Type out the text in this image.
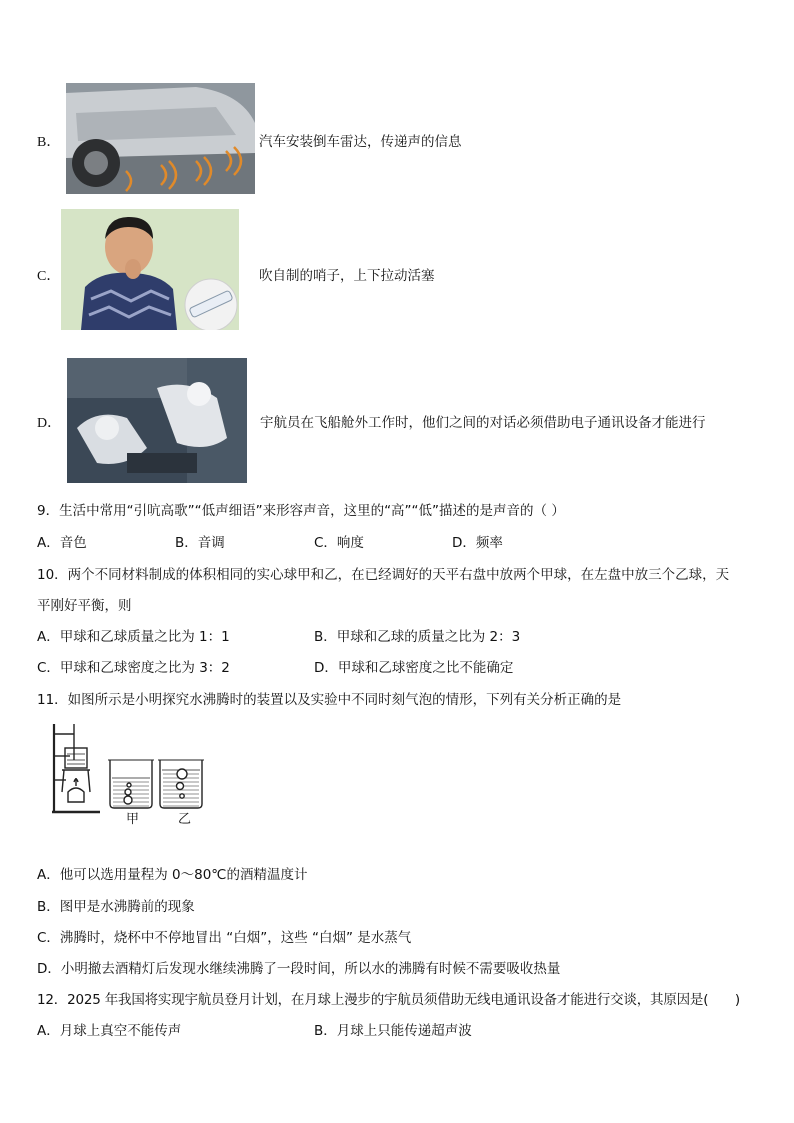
B．	汽车安装倒车雷达，传递声的信息
C．	吹自制的哨子，上下拉动活塞
D．	宇航员在飞船舱外工作时，他们之间的对话必须借助电子通讯设备才能进行
9．生活中常用“引吭高歌”“低声细语”来形容声音，这里的“高”“低”描述的是声音的（ ）
A．音色	B．音调	C．响度	D．频率
10．两个不同材料制成的体积相同的实心球甲和乙，在已经调好的天平右盘中放两个甲球，在左盘中放三个乙球，天
平刚好平衡，则
A．甲球和乙球质量之比为 1：1	B．甲球和乙球的质量之比为 2：3
C．甲球和乙球密度之比为 3：2	D．甲球和乙球密度之比不能确定
11．如图所示是小明探究水沸腾时的装置以及实验中不同时刻气泡的情形，下列有关分析正确的是
甲	乙
A．他可以选用量程为 0～80℃的酒精温度计
B．图甲是水沸腾前的现象
C．沸腾时，烧杯中不停地冒出 “白烟”，这些 “白烟” 是水蒸气
D．小明撤去酒精灯后发现水继续沸腾了一段时间，所以水的沸腾有时候不需要吸收热量
12．2025 年我国将实现宇航员登月计划，在月球上漫步的宇航员须借助无线电通讯设备才能进行交谈，其原因是(　　)
A．月球上真空不能传声	B．月球上只能传递超声波
